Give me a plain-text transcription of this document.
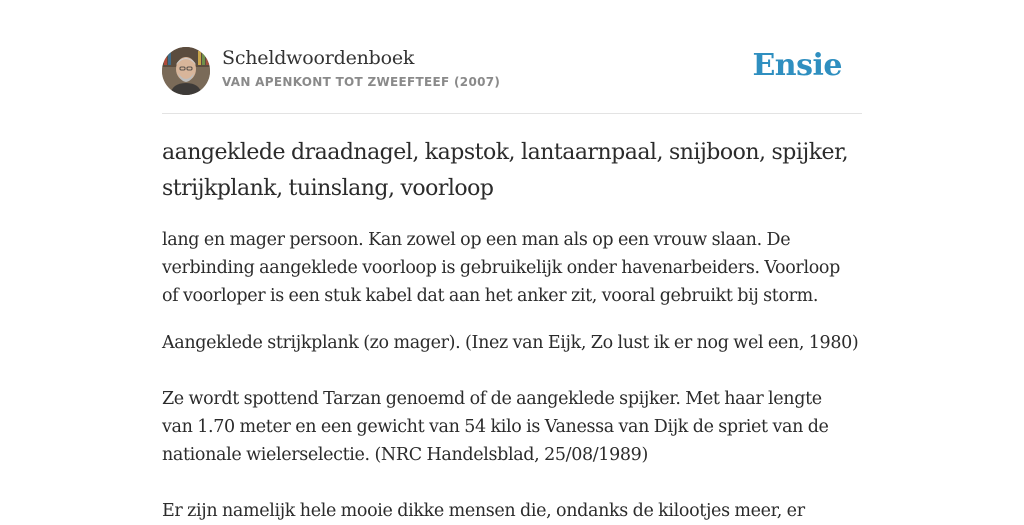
Scheldwoordenboek
VAN APENKONT TOT ZWEEFTEEF (2007)	Ensie
aangeklede draadnagel, kapstok, lantaarnpaal, snijboon, spijker,
strijkplank, tuinslang, voorloop

lang en mager persoon. Kan zowel op een man als op een vrouw slaan. De

verbinding aangeklede voorloop is gebruikelijk onder havenarbeiders. Voorloop

of voorloper is een stuk kabel dat aan het anker zit, vooral gebruikt bij storm.

Aangeklede strijkplank (zo mager). (Inez van Eijk, Zo lust ik er nog wel een, 1980)

Ze wordt spottend Tarzan genoemd of de aangeklede spijker. Met haar lengte

van 1.70 meter en een gewicht van 54 kilo is Vanessa van Dijk de spriet van de

nationale wielerselectie. (NRC Handelsblad, 25/08/1989)

Er zijn namelijk hele mooie dikke mensen die, ondanks de kilootjes meer, er
